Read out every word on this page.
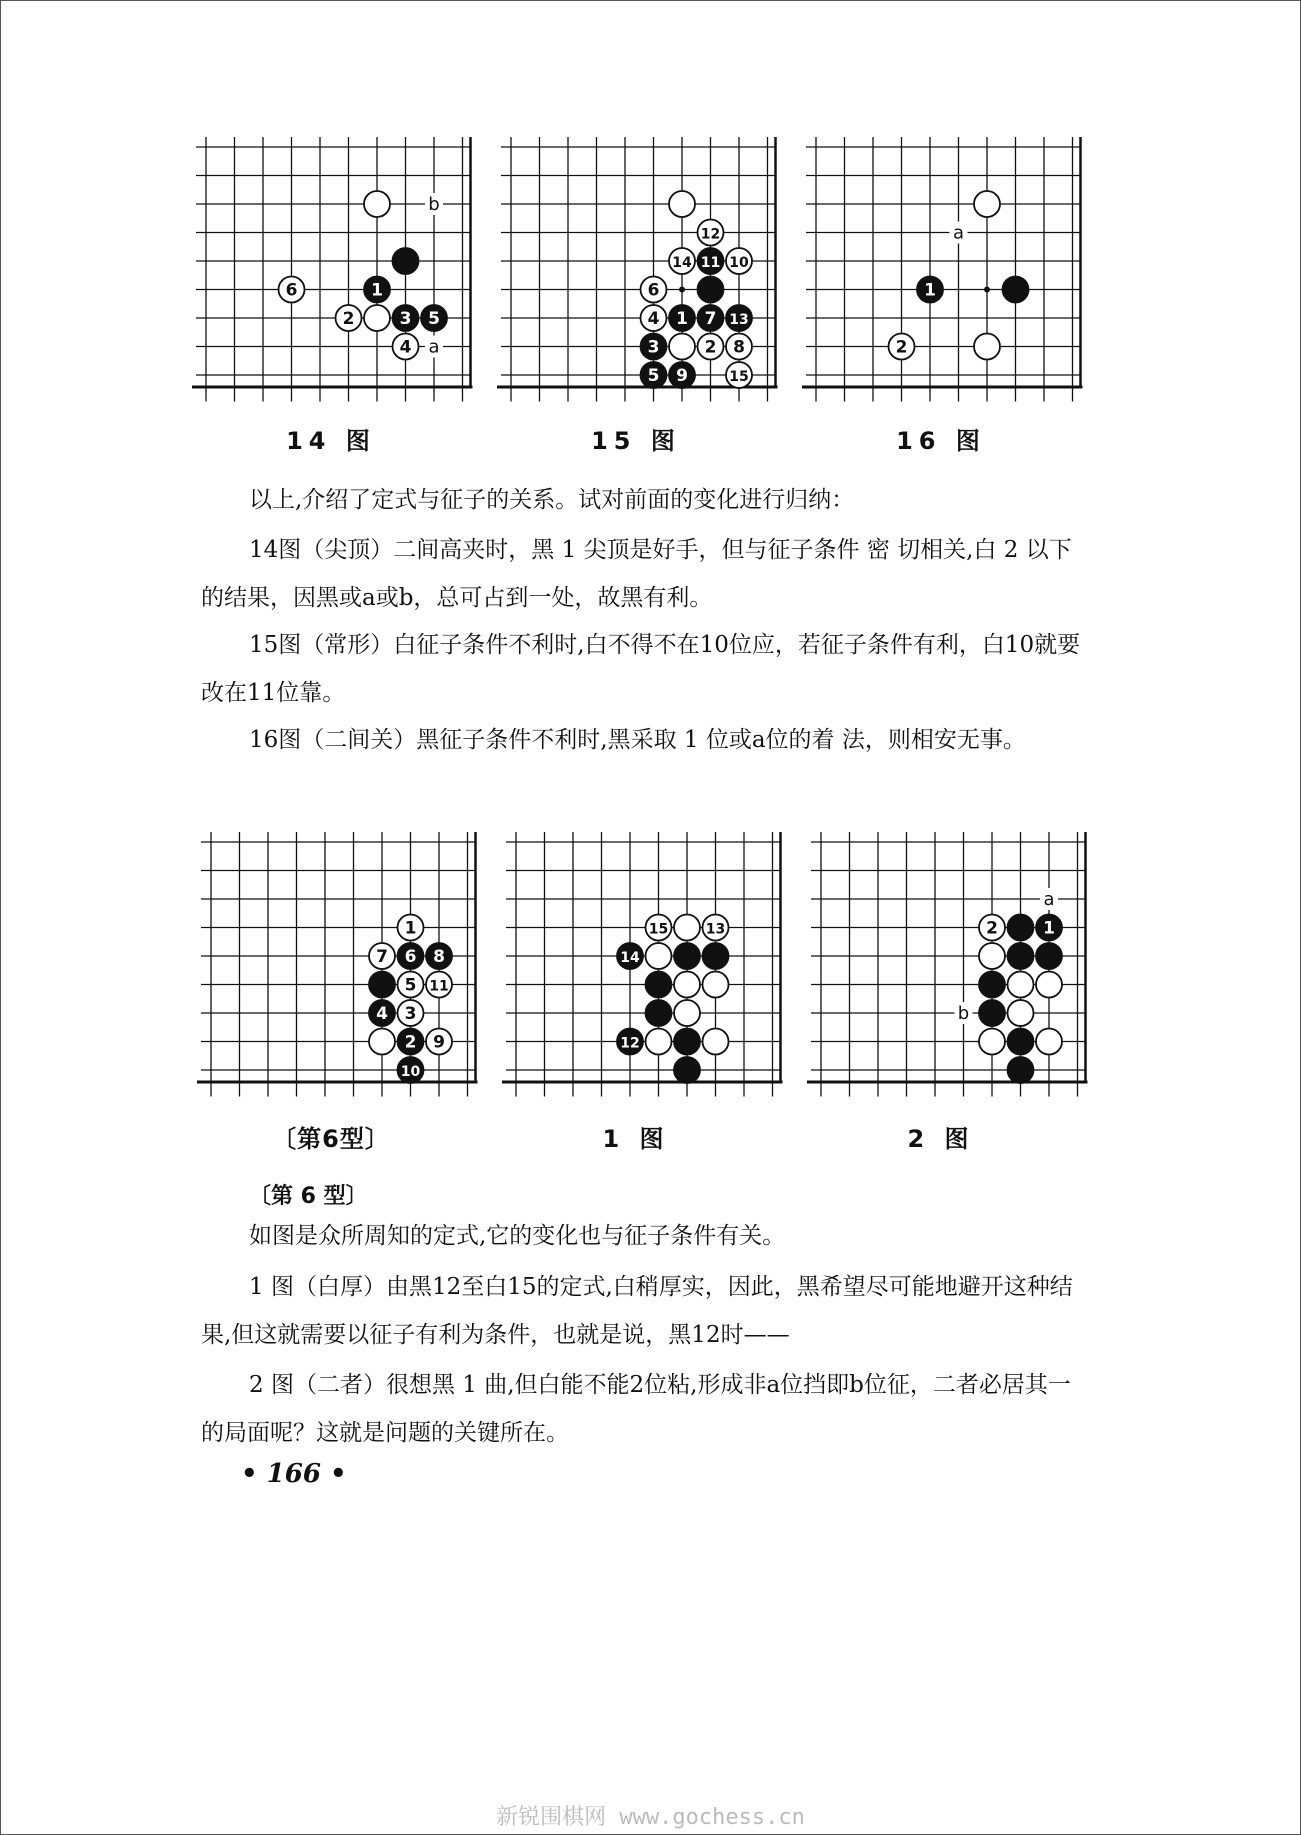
1
6
2	3 5
4
b
a
14 图
12
14 11 10
6
4 1 7 13
3	2 8
5 9	15
15 图
1
2
a
16 图

以上,介绍了定式与征子的关系。试对前面的变化进行归纳：

14图（尖顶）二间高夹时，黑 1 尖顶是好手，但与征子条件 密 切相关,白 2 以下的结果，因黑或a或b，总可占到一处，故黑有利。

15图（常形）白征子条件不利时,白不得不在10位应，若征子条件有利，白10就要改在11位靠。

16图（二间关）黑征子条件不利时,黑采取 1 位或a位的着 法，则相安无事。

1
7 6 8
5 11
4 3
2 9
10
〔第6型〕
15	13
14
12
1 图
2	1
a
b
2 图
〔第 6 型〕

如图是众所周知的定式,它的变化也与征子条件有关。

1 图（白厚）由黑12至白15的定式,白稍厚实，因此，黑希望尽可能地避开这种结果,但这就需要以征子有利为条件，也就是说，黑12时——

2 图（二者）很想黑 1 曲,但白能不能2位粘,形成非a位挡即b位征，二者必居其一的局面呢？这就是问题的关键所在。

• 166 •
新锐围棋网 www.gochess.cn
